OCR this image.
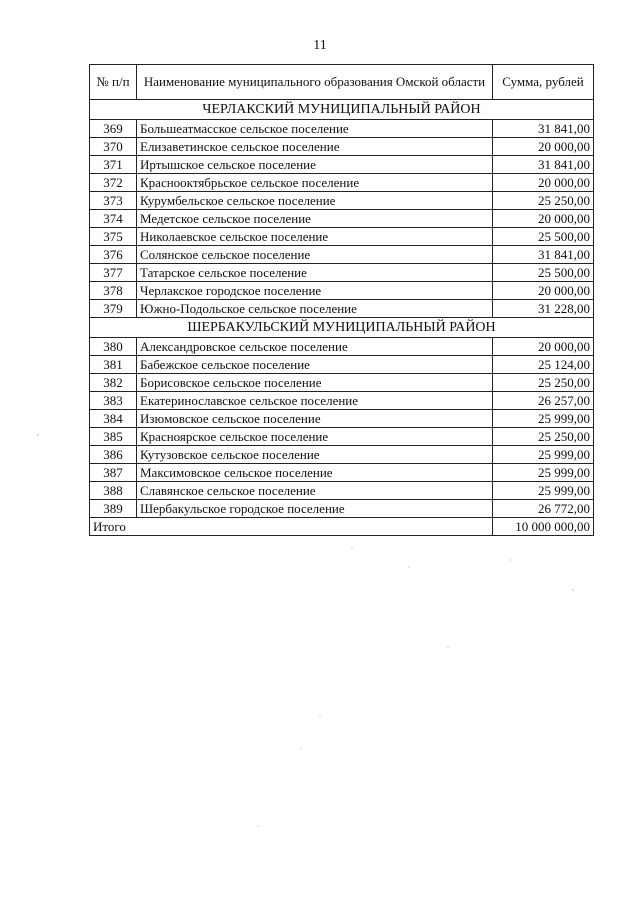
11
№ п/п	Наименование муниципального образования Омской области	Сумма, рублей
ЧЕРЛАКСКИЙ МУНИЦИПАЛЬНЫЙ РАЙОН		
369	Большеатмасское сельское поселение	31 841,00
370	Елизаветинское сельское поселение	20 000,00
371	Иртышское сельское поселение	31 841,00
372	Краснооктябрьское сельское поселение	20 000,00
373	Курумбельское сельское поселение	25 250,00
374	Медетское сельское поселение	20 000,00
375	Николаевское сельское поселение	25 500,00
376	Солянское сельское поселение	31 841,00
377	Татарское сельское поселение	25 500,00
378	Черлакское городское поселение	20 000,00
379	Южно-Подольское сельское поселение	31 228,00
ШЕРБАКУЛЬСКИЙ МУНИЦИПАЛЬНЫЙ РАЙОН		
380	Александровское сельское поселение	20 000,00
381	Бабежское сельское поселение	25 124,00
382	Борисовское сельское поселение	25 250,00
383	Екатеринославское сельское поселение	26 257,00
384	Изюмовское сельское поселение	25 999,00
385	Красноярское сельское поселение	25 250,00
386	Кутузовское сельское поселение	25 999,00
387	Максимовское сельское поселение	25 999,00
388	Славянское сельское поселение	25 999,00
389	Шербакульское городское поселение	26 772,00
Итого		10 000 000,00
